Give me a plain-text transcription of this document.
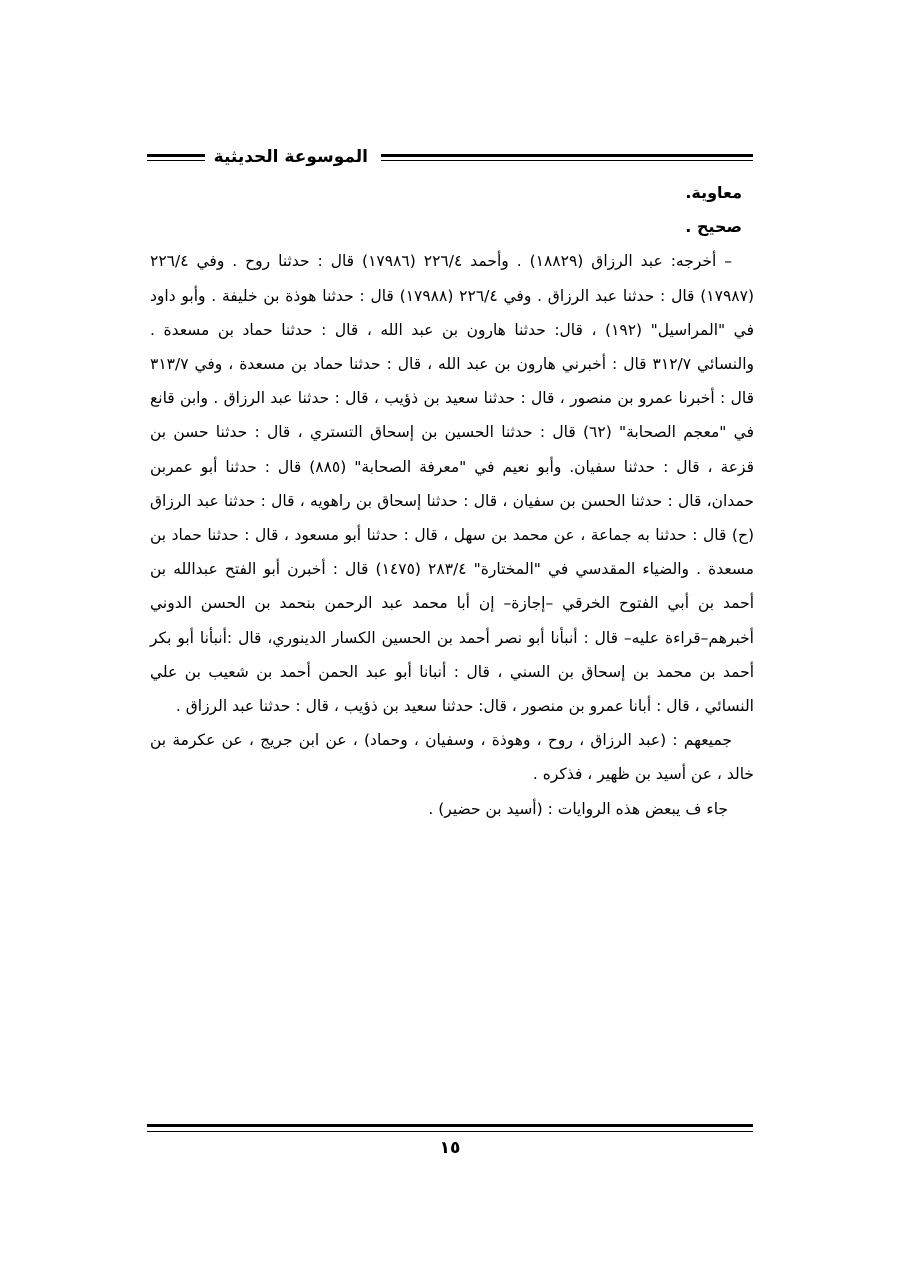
الموسوعة الحديثية

معاوية.

صحيح .

– أخرجه: عبد الرزاق (١٨٨٢٩) . وأحمد ٢٢٦/٤ (١٧٩٨٦) قال : حدثنا روح . وفي ٢٢٦/٤ (١٧٩٨٧) قال : حدثنا عبد الرزاق . وفي ٢٢٦/٤ (١٧٩٨٨) قال : حدثنا هوذة بن خليفة . وأبو داود في "المراسيل" (١٩٢) ، قال: حدثنا هارون بن عبد الله ، قال : حدثنا حماد بن مسعدة . والنسائي ٣١٢/٧ قال : أخبرني هارون بن عبد الله ، قال : حدثنا حماد بن مسعدة ، وفي ٣١٣/٧ قال : أخبرنا عمرو بن منصور ، قال : حدثنا سعيد بن ذؤيب ، قال : حدثنا عبد الرزاق . وابن قانع في "معجم الصحابة" (٦٢) قال : حدثنا الحسين بن إسحاق التستري ، قال : حدثنا حسن بن قزعة ، قال : حدثنا سفيان. وأبو نعيم في "معرفة الصحابة" (٨٨٥) قال : حدثنا أبو عمربن حمدان، قال : حدثنا الحسن بن سفيان ، قال : حدثنا إسحاق بن راهويه ، قال : حدثنا عبد الرزاق (ح) قال : حدثنا به جماعة ، عن محمد بن سهل ، قال : حدثنا أبو مسعود ، قال : حدثنا حماد بن مسعدة . والضياء المقدسي في "المختارة" ٢٨٣/٤ (١٤٧٥) قال : أخبرن أبو الفتح عبدالله بن أحمد بن أبي الفتوح الخرقي –إجازة– إن أبا محمد عبد الرحمن بنحمد بن الحسن الدوني أخبرهم–قراءة عليه– قال : أنبأنا أبو نصر أحمد بن الحسين الكسار الدينوري، قال :أنبأنا أبو بكر أحمد بن محمد بن إسحاق بن السني ، قال : أنبانا أبو عبد الحمن أحمد بن شعيب بن علي النسائي ، قال : أبانا عمرو بن منصور ، قال: حدثنا سعيد بن ذؤيب ، قال : حدثنا عبد الرزاق .

جميعهم : (عبد الرزاق ، روح ، وهوذة ، وسفيان ، وحماد) ، عن ابن جريج ، عن عكرمة بن خالد ، عن أسيد بن ظهير ، فذكره .

جاء ف يبعض هذه الروايات : (أسيد بن حضير) .

١٥
